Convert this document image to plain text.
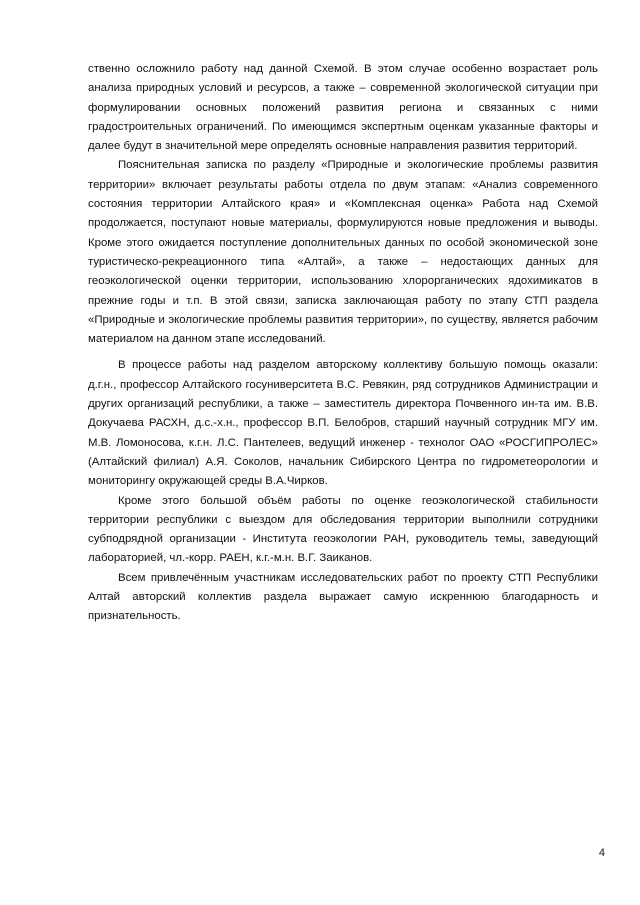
ственно осложнило работу над данной Схемой. В этом случае особенно возрастает роль анализа природных условий и ресурсов, а также – современной экологической ситуации при формулировании основных положений развития региона и связанных с ними градостроительных ограничений. По имеющимся экспертным оценкам указанные факторы и далее будут в значительной мере определять основные направления развития территорий.

Пояснительная записка по разделу «Природные и экологические проблемы развития территории» включает результаты работы отдела по двум этапам: «Анализ современного состояния территории Алтайского края» и «Комплексная оценка» Работа над Схемой продолжается, поступают новые материалы, формулируются новые предложения и выводы. Кроме этого ожидается поступление дополнительных данных по особой экономической зоне туристическо-рекреационного типа «Алтай», а также – недостающих данных для геоэкологической оценки территории, использованию хлорорганических ядохимикатов в прежние годы и т.п. В этой связи, записка заключающая работу по этапу СТП раздела «Природные и экологические проблемы развития территории», по существу, является рабочим материалом на данном этапе исследований.

В процессе работы над разделом авторскому коллективу большую помощь оказали: д.г.н., профессор Алтайского госуниверситета В.С. Ревякин, ряд сотрудников Администрации и других организаций республики, а также – заместитель директора Почвенного ин-та им. В.В. Докучаева РАСХН, д.с.-х.н., профессор В.П. Белобров, старший научный сотрудник МГУ им. М.В. Ломоносова, к.г.н. Л.С. Пантелеев, ведущий инженер - технолог ОАО «РОСГИПРОЛЕС» (Алтайский филиал) А.Я. Соколов, начальник Сибирского Центра по гидрометеорологии и мониторингу окружающей среды В.А.Чирков.

Кроме этого большой объём работы по оценке геоэкологической стабильности территории республики с выездом для обследования территории выполнили сотрудники субподрядной организации - Института геоэкологии РАН, руководитель темы, заведующий лабораторией, чл.-корр. РАЕН, к.г.-м.н. В.Г. Заиканов.

Всем привлечённым участникам исследовательских работ по проекту СТП Республики Алтай авторский коллектив раздела выражает самую искреннюю благодарность и признательность.

4
